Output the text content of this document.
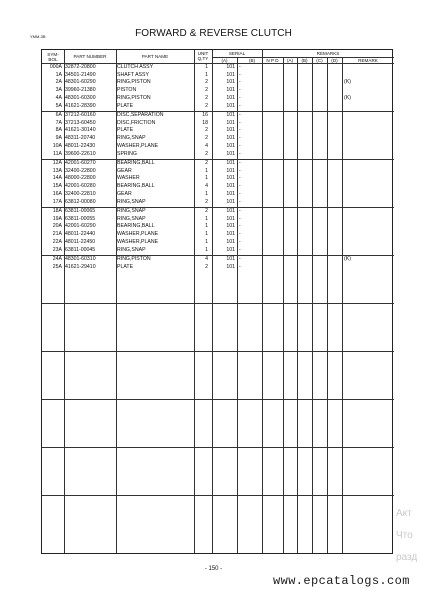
YMM-3B	FORWARD & REVERSE CLUTCH
SYM-
BOL
PART NUMBER	PART NAME
UNIT
Q,TY
SERIAL
(A)	(B)
REMARKS
N P D	(A)	(B)	(C)	(D)	REMARK
000A 32872-20800	CLUTCH ASSY	1	101 -
1A 34501-21490	SHAFT ASSY	1	101 -
2A 48301-60290	RING,PISTON	2	101 -	(K)
3A 39960-21380	PISTON	2	101 -
4A 48301-60300	RING,PISTON	2	101 -	(K)
5A 41621-28390	PLATE	2	101 -
6A 37212-60160	DISC,SEPARATION	16	101 -
7A 37213-60450	DISC,FRICTION	18	101 -
8A 41621-30140	PLATE	2	101 -
9A 48311-20740	RING,SNAP	2	101 -
10A 48011-22430	WASHER,PLANE	4	101 -
11A 39600-22610	SPRING	2	101 -
12A 42001-60270	BEARING,BALL	2	101 -
13A 32400-22800	GEAR	1	101 -
14A 48000-22800	WASHER	1	101 -
15A 42001-60280	BEARING,BALL	4	101 -
16A 32400-22810	GEAR	1	101 -
17A 63812-00080	RING,SNAP	2	101 -
18A 63811-00065	RING,SNAP	2	101 -
19A 63811-00055	RING,SNAP	1	101 -
20A 42001-60290	BEARING,BALL	1	101 -
21A 48011-22440	WASHER,PLANE	1	101 -
22A 48011-22450	WASHER,PLANE	1	101 -
23A 63811-00045	RING,SNAP	1	101 -
24A 48301-60310	RING,PISTON	4	101 -	(K)
25A 41621-29410	PLATE	2	101 -
- 150 -
www.epcatalogs.com
Акт
Что
разд
